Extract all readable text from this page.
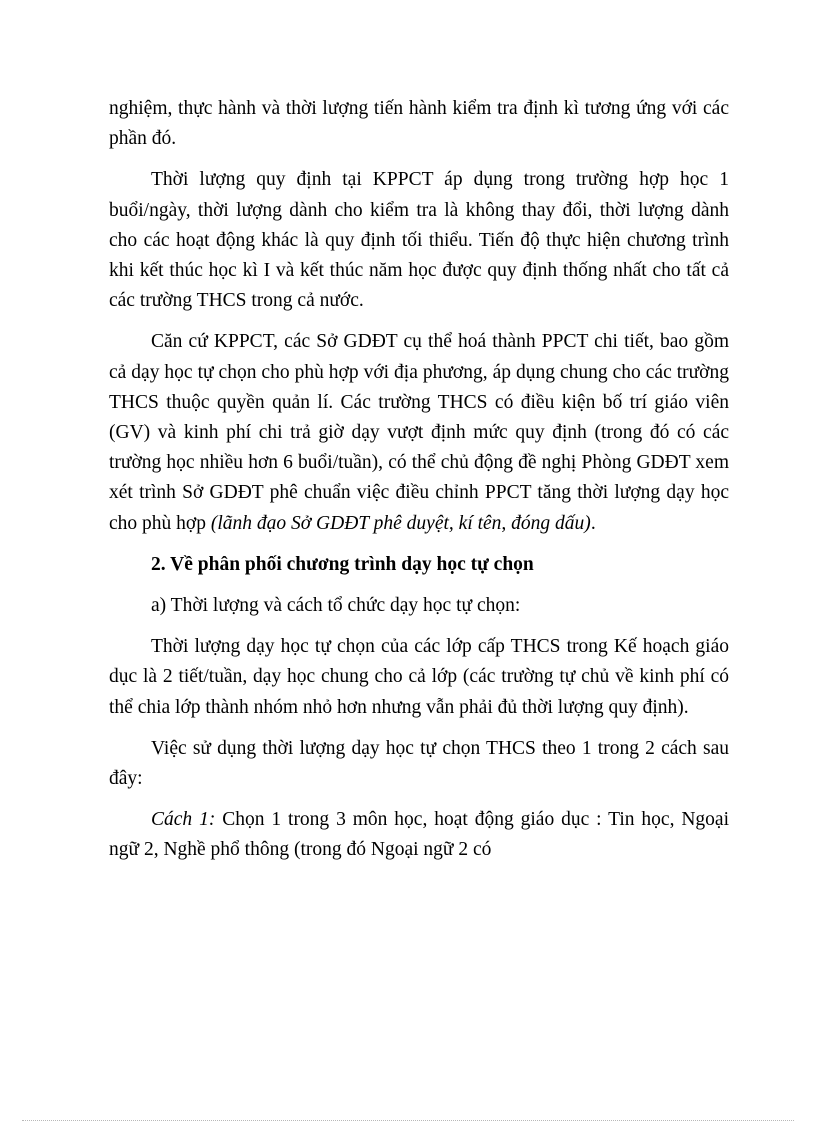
nghiệm, thực hành và thời lượng tiến hành kiểm tra định kì tương ứng với các phần đó.

Thời lượng quy định tại KPPCT áp dụng trong trường hợp học 1 buổi/ngày, thời lượng dành cho kiểm tra là không thay đổi, thời lượng dành cho các hoạt động khác là quy định tối thiểu. Tiến độ thực hiện chương trình khi kết thúc học kì I và kết thúc năm học được quy định thống nhất cho tất cả các trường THCS trong cả nước.

Căn cứ KPPCT, các Sở GDĐT cụ thể hoá thành PPCT chi tiết, bao gồm cả dạy học tự chọn cho phù hợp với địa phương, áp dụng chung cho các trường THCS thuộc quyền quản lí. Các trường THCS có điều kiện bố trí giáo viên (GV) và kinh phí chi trả giờ dạy vượt định mức quy định (trong đó có các trường học nhiều hơn 6 buổi/tuần), có thể chủ động đề nghị Phòng GDĐT xem xét trình Sở GDĐT phê chuẩn việc điều chỉnh PPCT tăng thời lượng dạy học cho phù hợp (lãnh đạo Sở GDĐT phê duyệt, kí tên, đóng dấu).

2. Về phân phối chương trình dạy học tự chọn

a) Thời lượng và cách tổ chức dạy học tự chọn:

Thời lượng dạy học tự chọn của các lớp cấp THCS trong Kế hoạch giáo dục là 2 tiết/tuần, dạy học chung cho cả lớp (các trường tự chủ về kinh phí có thể chia lớp thành nhóm nhỏ hơn nhưng vẫn phải đủ thời lượng quy định).

Việc sử dụng thời lượng dạy học tự chọn THCS theo 1 trong 2 cách sau đây:

Cách 1: Chọn 1 trong 3 môn học, hoạt động giáo dục : Tin học, Ngoại ngữ 2, Nghề phổ thông (trong đó Ngoại ngữ 2 có
